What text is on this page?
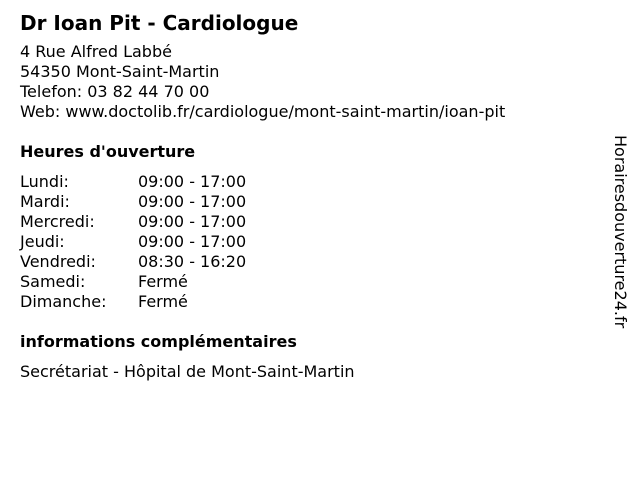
Dr Ioan Pit - Cardiologue
4 Rue Alfred Labbé
54350 Mont-Saint-Martin
Telefon: 03 82 44 70 00
Web: www.doctolib.fr/cardiologue/mont-saint-martin/ioan-pit
Heures d'ouverture
Lundi:	09:00 - 17:00
Mardi:	09:00 - 17:00
Mercredi:	09:00 - 17:00
Jeudi:	09:00 - 17:00
Vendredi:	08:30 - 16:20
Samedi:	Fermé
Dimanche:	Fermé
informations complémentaires
Secrétariat - Hôpital de Mont-Saint-Martin
Horairesdouverture24.fr
